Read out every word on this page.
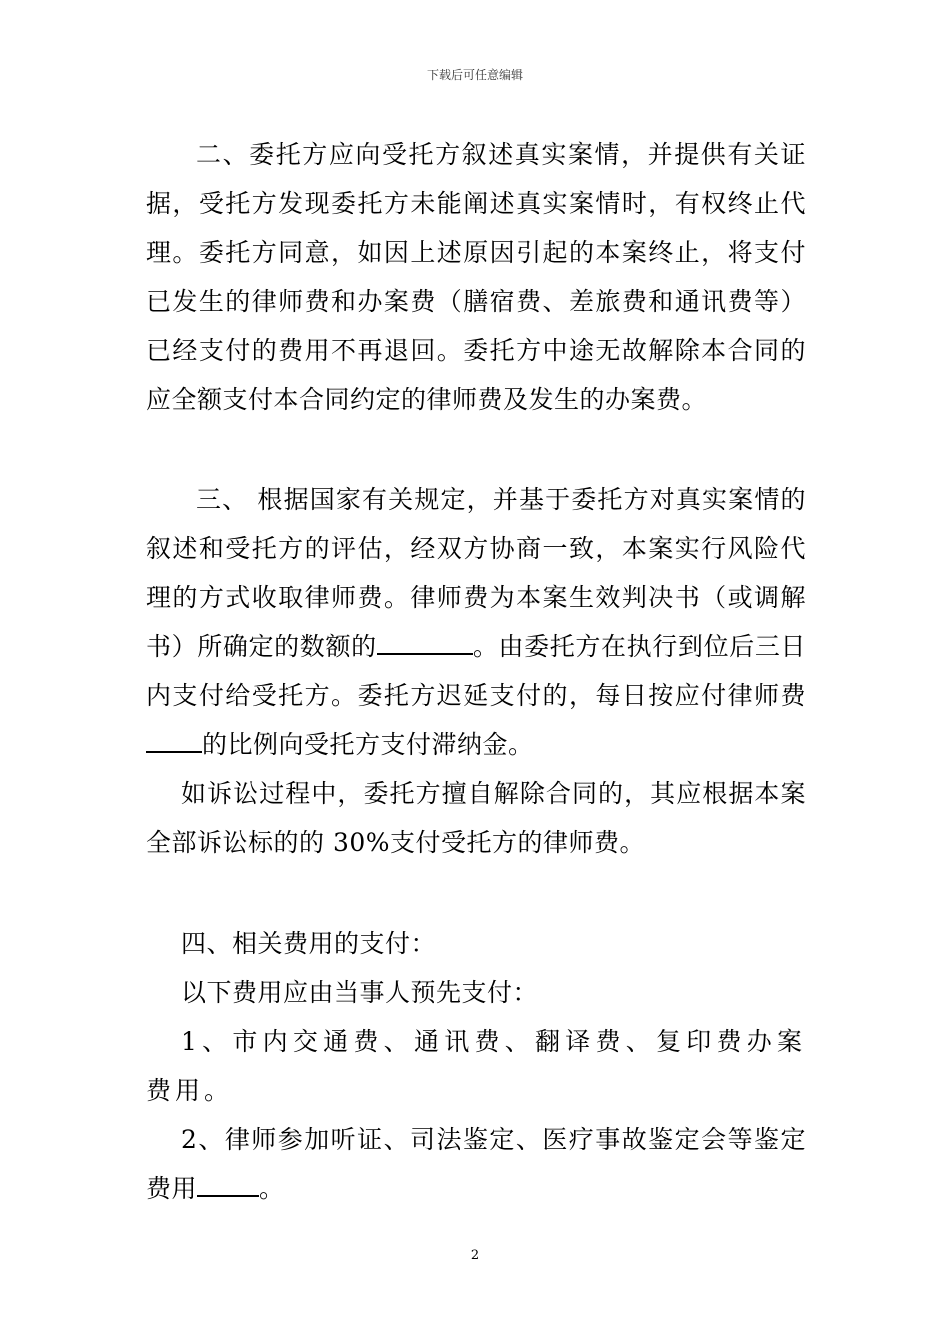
下载后可任意编辑

二、委托方应向受托方叙述真实案情，并提供有关证据，受托方发现委托方未能阐述真实案情时，有权终止代理。委托方同意，如因上述原因引起的本案终止，将支付已发生的律师费和办案费（膳宿费、差旅费和通讯费等）已经支付的费用不再退回。委托方中途无故解除本合同的应全额支付本合同约定的律师费及发生的办案费。

三、 根据国家有关规定，并基于委托方对真实案情的叙述和受托方的评估，经双方协商一致，本案实行风险代理的方式收取律师费。律师费为本案生效判决书（或调解书）所确定的数额的	。由委托方在执行到位后三日内支付给受托方。委托方迟延支付的，每日按应付律师费的比例向受托方支付滞纳金。

如诉讼过程中，委托方擅自解除合同的，其应根据本案全部诉讼标的的 30%支付受托方的律师费。

四、相关费用的支付：

以下费用应由当事人预先支付：

1、市内交通费、通讯费、翻译费、复印费办案费用。

2、律师参加听证、司法鉴定、医疗事故鉴定会等鉴定费用 。

2
